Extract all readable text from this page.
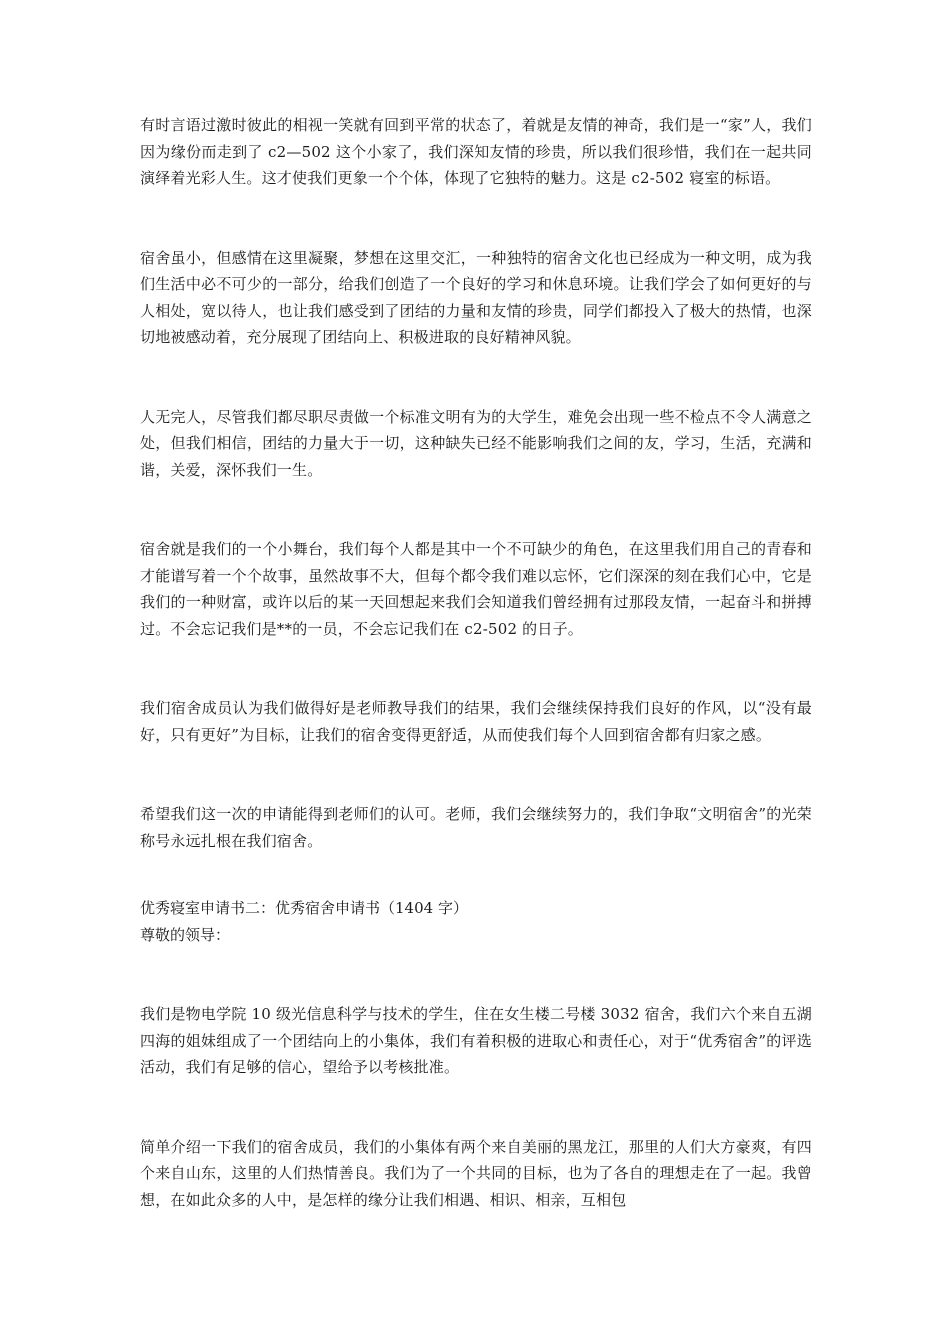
有时言语过激时彼此的相视一笑就有回到平常的状态了，着就是友情的神奇，我们是一“家”人，我们因为缘份而走到了 c2—502 这个小家了，我们深知友情的珍贵，所以我们很珍惜，我们在一起共同演绎着光彩人生。这才使我们更象一个个体，体现了它独特的魅力。这是 c2-502 寝室的标语。

宿舍虽小，但感情在这里凝聚，梦想在这里交汇，一种独特的宿舍文化也已经成为一种文明，成为我们生活中必不可少的一部分，给我们创造了一个良好的学习和休息环境。让我们学会了如何更好的与人相处，宽以待人，也让我们感受到了团结的力量和友情的珍贵，同学们都投入了极大的热情，也深切地被感动着，充分展现了团结向上、积极进取的良好精神风貌。

人无完人，尽管我们都尽职尽责做一个标准文明有为的大学生，难免会出现一些不检点不令人满意之处，但我们相信，团结的力量大于一切，这种缺失已经不能影响我们之间的友，学习，生活，充满和谐，关爱，深怀我们一生。

宿舍就是我们的一个小舞台，我们每个人都是其中一个不可缺少的角色，在这里我们用自己的青春和才能谱写着一个个故事，虽然故事不大，但每个都令我们难以忘怀，它们深深的刻在我们心中，它是我们的一种财富，或许以后的某一天回想起来我们会知道我们曾经拥有过那段友情，一起奋斗和拼搏过。不会忘记我们是**的一员，不会忘记我们在 c2-502 的日子。

我们宿舍成员认为我们做得好是老师教导我们的结果，我们会继续保持我们良好的作风，以“没有最好，只有更好”为目标，让我们的宿舍变得更舒适，从而使我们每个人回到宿舍都有归家之感。

希望我们这一次的申请能得到老师们的认可。老师，我们会继续努力的，我们争取“文明宿舍”的光荣称号永远扎根在我们宿舍。

优秀寝室申请书二：优秀宿舍申请书（1404 字）
尊敬的领导：

我们是物电学院 10 级光信息科学与技术的学生，住在女生楼二号楼 3032 宿舍，我们六个来自五湖四海的姐妹组成了一个团结向上的小集体，我们有着积极的进取心和责任心，对于“优秀宿舍”的评选活动，我们有足够的信心，望给予以考核批准。

简单介绍一下我们的宿舍成员，我们的小集体有两个来自美丽的黑龙江，那里的人们大方豪爽，有四个来自山东，这里的人们热情善良。我们为了一个共同的目标，也为了各自的理想走在了一起。我曾想，在如此众多的人中，是怎样的缘分让我们相遇、相识、相亲，互相包
